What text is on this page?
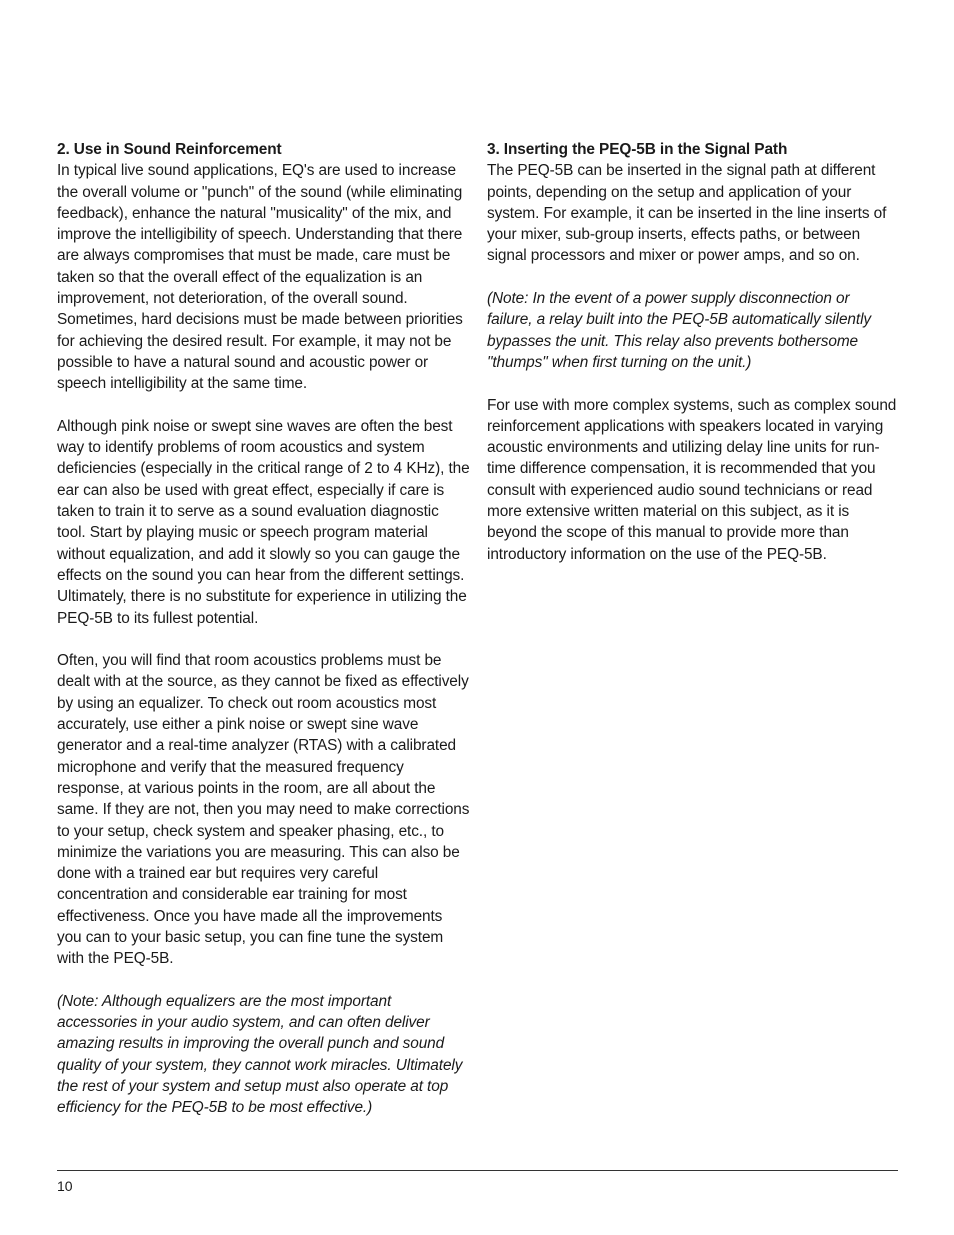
2. Use in Sound Reinforcement

In typical live sound applications, EQ's are used to increase the overall volume or "punch" of the sound (while eliminating feedback), enhance the natural "musicality" of the mix, and improve the intelligibility of speech. Understanding that there are always compromises that must be made, care must be taken so that the overall effect of the equalization is an improvement, not deterioration, of the overall sound. Sometimes, hard decisions must be made between priorities for achieving the desired result. For example, it may not be possible to have a natural sound and acoustic power or speech intelligibility at the same time.

Although pink noise or swept sine waves are often the best way to identify problems of room acoustics and system deficiencies (especially in the critical range of 2 to 4 KHz), the ear can also be used with great effect, especially if care is taken to train it to serve as a sound evaluation diagnostic tool. Start by playing music or speech program material without equalization, and add it slowly so you can gauge the effects on the sound you can hear from the different settings. Ultimately, there is no substitute for experience in utilizing the PEQ-5B to its fullest potential.

Often, you will find that room acoustics problems must be dealt with at the source, as they cannot be fixed as effectively by using an equalizer. To check out room acoustics most accurately, use either a pink noise or swept sine wave generator and a real-time analyzer (RTAS) with a calibrated microphone and verify that the measured frequency response, at various points in the room, are all about the same. If they are not, then you may need to make corrections to your setup, check system and speaker phasing, etc., to minimize the variations you are measuring. This can also be done with a trained ear but requires very careful concentration and considerable ear training for most effectiveness. Once you have made all the improvements you can to your basic setup, you can fine tune the system with the PEQ-5B.

(Note: Although equalizers are the most important accessories in your audio system, and can often deliver amazing results in improving the overall punch and sound quality of your system, they cannot work miracles. Ultimately the rest of your system and setup must also operate at top efficiency for the PEQ-5B to be most effective.)

3. Inserting the PEQ-5B in the Signal Path

The PEQ-5B can be inserted in the signal path at different points, depending on the setup and application of your system. For example, it can be inserted in the line inserts of your mixer, sub-group inserts, effects paths, or between signal processors and mixer or power amps, and so on.

(Note: In the event of a power supply disconnection or failure, a relay built into the PEQ-5B automatically silently bypasses the unit. This relay also prevents bothersome "thumps" when first turning on the unit.)

For use with more complex systems, such as complex sound reinforcement applications with speakers located in varying acoustic environments and utilizing delay line units for run-time difference compensation, it is recommended that you consult with experienced audio sound technicians or read more extensive written material on this subject, as it is beyond the scope of this manual to provide more than introductory information on the use of the PEQ-5B.

10
